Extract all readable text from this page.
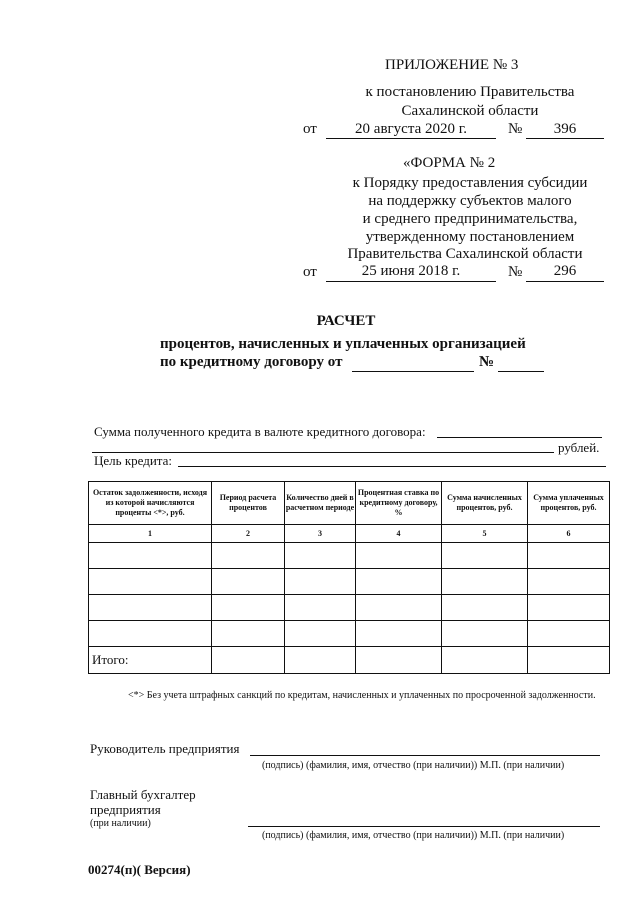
ПРИЛОЖЕНИЕ № 3
к постановлению Правительства
Сахалинской области
от	20 августа 2020 г.	№	396
«ФОРМА № 2
к Порядку предоставления субсидии
на поддержку субъектов малого
и среднего предпринимательства,
утвержденному постановлением
Правительства Сахалинской области
от	25 июня 2018 г.	№	296
РАСЧЕТ
процентов, начисленных и уплаченных организацией
по кредитному договору от	№
Сумма полученного кредита в валюте кредитного договора:
рублей.
Цель кредита:
Остаток задолженности, исходя из которой начисляются проценты <*>, руб.	Период расчета процентов	Количество дней в расчетном периоде	Процентная ставка по кредитному договору, %	Сумма начисленных процентов, руб.	Сумма уплаченных процентов, руб.
1	2	3	4	5	6

Итого:					
<*> Без учета штрафных санкций по кредитам, начисленных и уплаченных по просроченной задолженности.
Руководитель предприятия
(подпись) (фамилия, имя, отчество (при наличии)) М.П. (при наличии)
Главный бухгалтер
предприятия
(при наличии)
(подпись) (фамилия, имя, отчество (при наличии)) М.П. (при наличии)
00274(п)( Версия)
